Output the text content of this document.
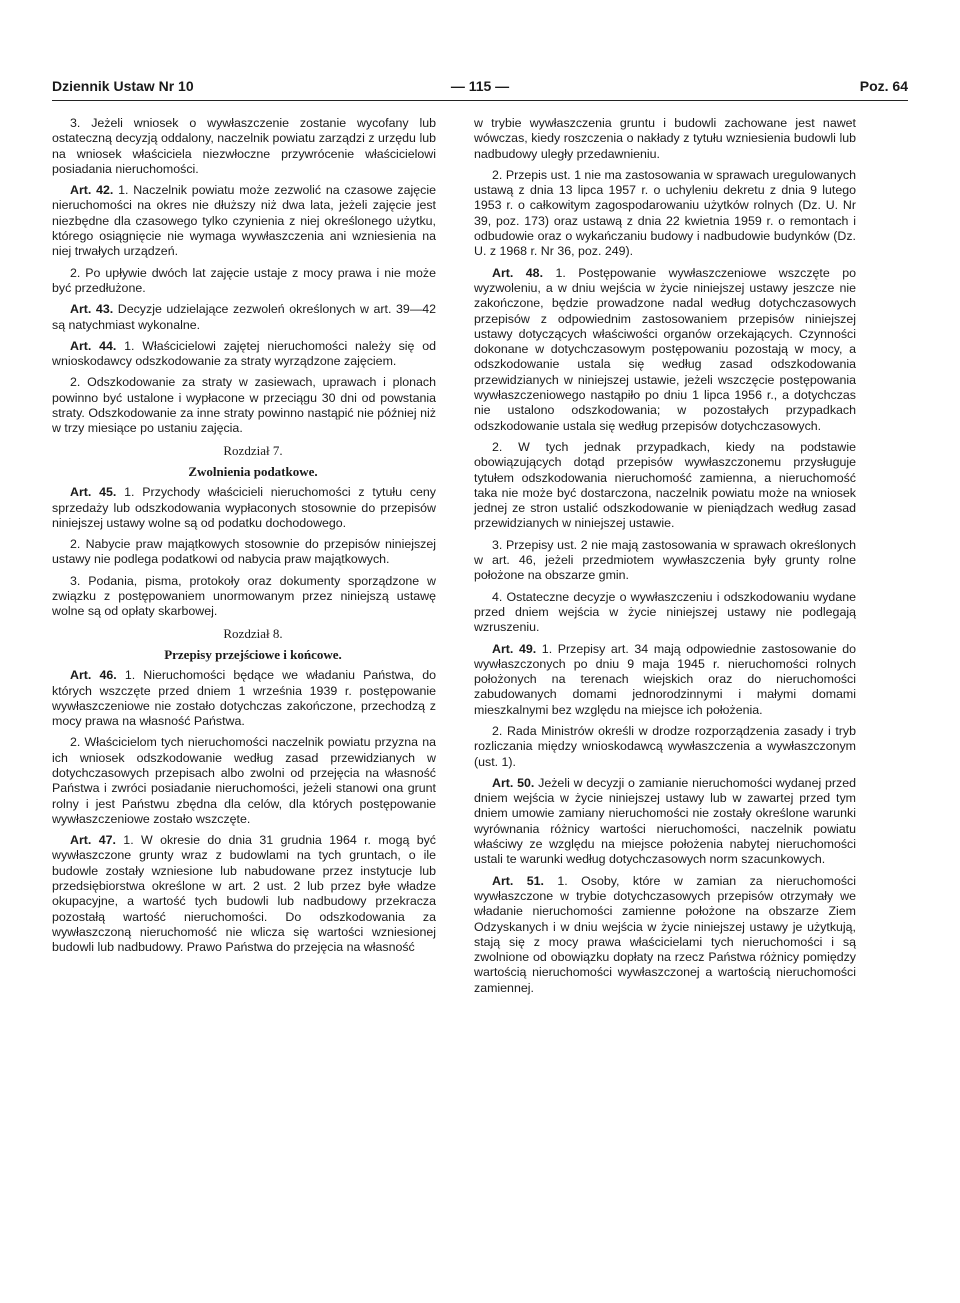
Dziennik Ustaw Nr 10	— 115 —	Poz. 64

3. Jeżeli wniosek o wywłaszczenie zostanie wycofany lub ostateczną decyzją oddalony, naczelnik powiatu zarządzi z urzędu lub na wniosek właściciela niezwłoczne przywrócenie właścicielowi posiadania nieruchomości.

Art. 42. 1. Naczelnik powiatu może zezwolić na czasowe zajęcie nieruchomości na okres nie dłuższy niż dwa lata, jeżeli zajęcie jest niezbędne dla czasowego tylko czynienia z niej określonego użytku, którego osiągnięcie nie wymaga wywłaszczenia ani wzniesienia na niej trwałych urządzeń.

2. Po upływie dwóch lat zajęcie ustaje z mocy prawa i nie może być przedłużone.

Art. 43. Decyzje udzielające zezwoleń określonych w art. 39—42 są natychmiast wykonalne.

Art. 44. 1. Właścicielowi zajętej nieruchomości należy się od wnioskodawcy odszkodowanie za straty wyrządzone zajęciem.

2. Odszkodowanie za straty w zasiewach, uprawach i plonach powinno być ustalone i wypłacone w przeciągu 30 dni od powstania straty. Odszkodowanie za inne straty powinno nastąpić nie później niż w trzy miesiące po ustaniu zajęcia.

Rozdział 7.

Zwolnienia podatkowe.

Art. 45. 1. Przychody właścicieli nieruchomości z tytułu ceny sprzedaży lub odszkodowania wypłaconych stosownie do przepisów niniejszej ustawy wolne są od podatku dochodowego.

2. Nabycie praw majątkowych stosownie do przepisów niniejszej ustawy nie podlega podatkowi od nabycia praw majątkowych.

3. Podania, pisma, protokoły oraz dokumenty sporządzone w związku z postępowaniem unormowanym przez niniejszą ustawę wolne są od opłaty skarbowej.

Rozdział 8.

Przepisy przejściowe i końcowe.

Art. 46. 1. Nieruchomości będące we władaniu Państwa, do których wszczęte przed dniem 1 września 1939 r. postępowanie wywłaszczeniowe nie zostało dotychczas zakończone, przechodzą z mocy prawa na własność Państwa.

2. Właścicielom tych nieruchomości naczelnik powiatu przyzna na ich wniosek odszkodowanie według zasad przewidzianych w dotychczasowych przepisach albo zwolni od przejęcia na własność Państwa i zwróci posiadanie nieruchomości, jeżeli stanowi ona grunt rolny i jest Państwu zbędna dla celów, dla których postępowanie wywłaszczeniowe zostało wszczęte.

Art. 47. 1. W okresie do dnia 31 grudnia 1964 r. mogą być wywłaszczone grunty wraz z budowlami na tych gruntach, o ile budowle zostały wzniesione lub nabudowane przez instytucje lub przedsiębiorstwa określone w art. 2 ust. 2 lub przez byłe władze okupacyjne, a wartość tych budowli lub nadbudowy przekracza pozostałą wartość nieruchomości. Do odszkodowania za wywłaszczoną nieruchomość nie wlicza się wartości wzniesionej budowli lub nadbudowy. Prawo Państwa do przejęcia na własność

w trybie wywłaszczenia gruntu i budowli zachowane jest nawet wówczas, kiedy roszczenia o nakłady z tytułu wzniesienia budowli lub nadbudowy uległy przedawnieniu.

2. Przepis ust. 1 nie ma zastosowania w sprawach uregulowanych ustawą z dnia 13 lipca 1957 r. o uchyleniu dekretu z dnia 9 lutego 1953 r. o całkowitym zagospodarowaniu użytków rolnych (Dz. U. Nr 39, poz. 173) oraz ustawą z dnia 22 kwietnia 1959 r. o remontach i odbudowie oraz o wykańczaniu budowy i nadbudowie budynków (Dz. U. z 1968 r. Nr 36, poz. 249).

Art. 48. 1. Postępowanie wywłaszczeniowe wszczęte po wyzwoleniu, a w dniu wejścia w życie niniejszej ustawy jeszcze nie zakończone, będzie prowadzone nadal według dotychczasowych przepisów z odpowiednim zastosowaniem przepisów niniejszej ustawy dotyczących właściwości organów orzekających. Czynności dokonane w dotychczasowym postępowaniu pozostają w mocy, a odszkodowanie ustala się według zasad odszkodowania przewidzianych w niniejszej ustawie, jeżeli wszczęcie postępowania wywłaszczeniowego nastąpiło po dniu 1 lipca 1956 r., a dotychczas nie ustalono odszkodowania; w pozostałych przypadkach odszkodowanie ustala się według przepisów dotychczasowych.

2. W tych jednak przypadkach, kiedy na podstawie obowiązujących dotąd przepisów wywłaszczonemu przysługuje tytułem odszkodowania nieruchomość zamienna, a nieruchomość taka nie może być dostarczona, naczelnik powiatu może na wniosek jednej ze stron ustalić odszkodowanie w pieniądzach według zasad przewidzianych w niniejszej ustawie.

3. Przepisy ust. 2 nie mają zastosowania w sprawach określonych w art. 46, jeżeli przedmiotem wywłaszczenia były grunty rolne położone na obszarze gmin.

4. Ostateczne decyzje o wywłaszczeniu i odszkodowaniu wydane przed dniem wejścia w życie niniejszej ustawy nie podlegają wzruszeniu.

Art. 49. 1. Przepisy art. 34 mają odpowiednie zastosowanie do wywłaszczonych po dniu 9 maja 1945 r. nieruchomości rolnych położonych na terenach wiejskich oraz do nieruchomości zabudowanych domami jednorodzinnymi i małymi domami mieszkalnymi bez względu na miejsce ich położenia.

2. Rada Ministrów określi w drodze rozporządzenia zasady i tryb rozliczania między wnioskodawcą wywłaszczenia a wywłaszczonym (ust. 1).

Art. 50. Jeżeli w decyzji o zamianie nieruchomości wydanej przed dniem wejścia w życie niniejszej ustawy lub w zawartej przed tym dniem umowie zamiany nieruchomości nie zostały określone warunki wyrównania różnicy wartości nieruchomości, naczelnik powiatu właściwy ze względu na miejsce położenia nabytej nieruchomości ustali te warunki według dotychczasowych norm szacunkowych.

Art. 51. 1. Osoby, które w zamian za nieruchomości wywłaszczone w trybie dotychczasowych przepisów otrzymały we władanie nieruchomości zamienne położone na obszarze Ziem Odzyskanych i w dniu wejścia w życie niniejszej ustawy je użytkują, stają się z mocy prawa właścicielami tych nieruchomości i są zwolnione od obowiązku dopłaty na rzecz Państwa różnicy pomiędzy wartością nieruchomości wywłaszczonej a wartością nieruchomości zamiennej.
